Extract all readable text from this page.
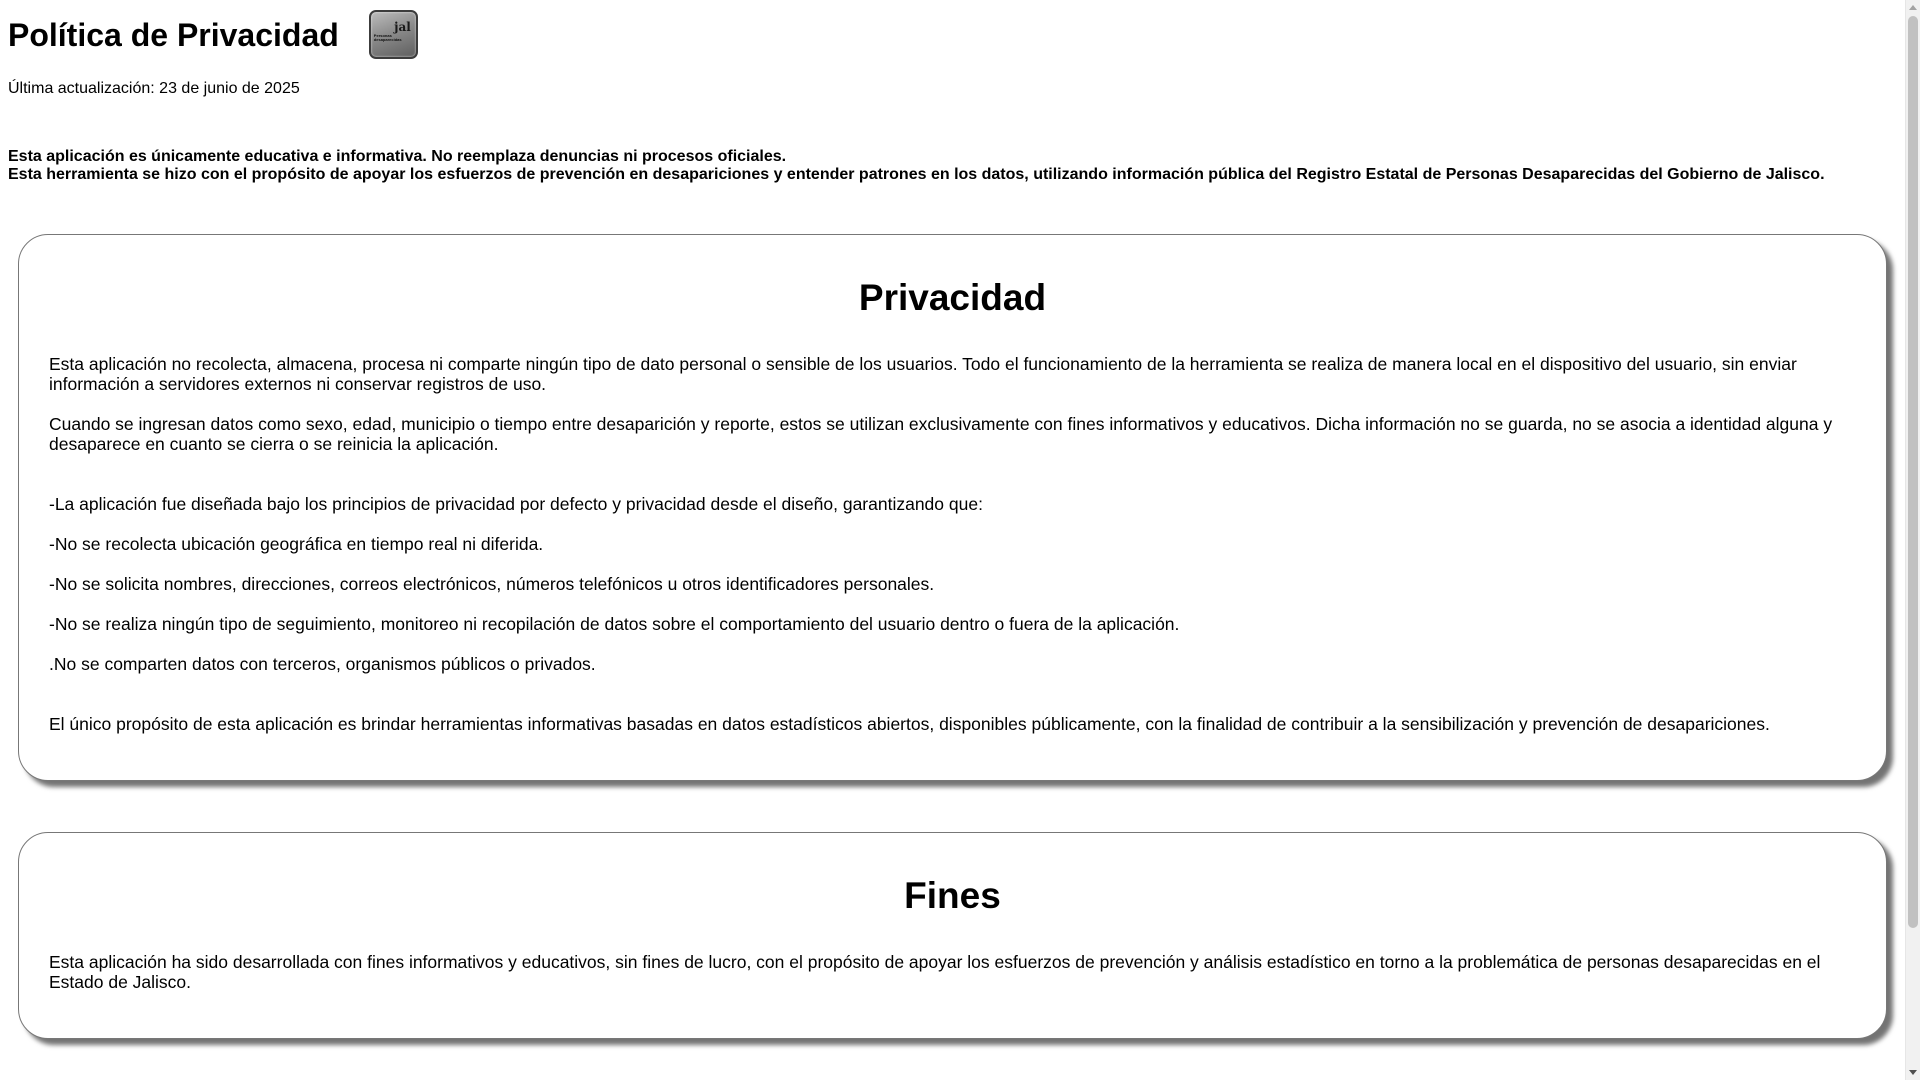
Política de Privacidad	jal
Personas desaparecidas
Última actualización: 23 de junio de 2025
Esta aplicación es únicamente educativa e informativa. No reemplaza denuncias ni procesos oficiales.
Esta herramienta se hizo con el propósito de apoyar los esfuerzos de prevención en desapariciones y entender patrones en los datos, utilizando información pública del Registro Estatal de Personas Desaparecidas del Gobierno de Jalisco.
Privacidad

Esta aplicación no recolecta, almacena, procesa ni comparte ningún tipo de dato personal o sensible de los usuarios. Todo el funcionamiento de la herramienta se realiza de manera local en el dispositivo del usuario, sin enviar información a servidores externos ni conservar registros de uso.

Cuando se ingresan datos como sexo, edad, municipio o tiempo entre desaparición y reporte, estos se utilizan exclusivamente con fines informativos y educativos. Dicha información no se guarda, no se asocia a identidad alguna y desaparece en cuanto se cierra o se reinicia la aplicación.

-La aplicación fue diseñada bajo los principios de privacidad por defecto y privacidad desde el diseño, garantizando que:

-No se recolecta ubicación geográfica en tiempo real ni diferida.

-No se solicita nombres, direcciones, correos electrónicos, números telefónicos u otros identificadores personales.

-No se realiza ningún tipo de seguimiento, monitoreo ni recopilación de datos sobre el comportamiento del usuario dentro o fuera de la aplicación.

.No se comparten datos con terceros, organismos públicos o privados.

El único propósito de esta aplicación es brindar herramientas informativas basadas en datos estadísticos abiertos, disponibles públicamente, con la finalidad de contribuir a la sensibilización y prevención de desapariciones.

Fines

Esta aplicación ha sido desarrollada con fines informativos y educativos, sin fines de lucro, con el propósito de apoyar los esfuerzos de prevención y análisis estadístico en torno a la problemática de personas desaparecidas en el Estado de Jalisco.
